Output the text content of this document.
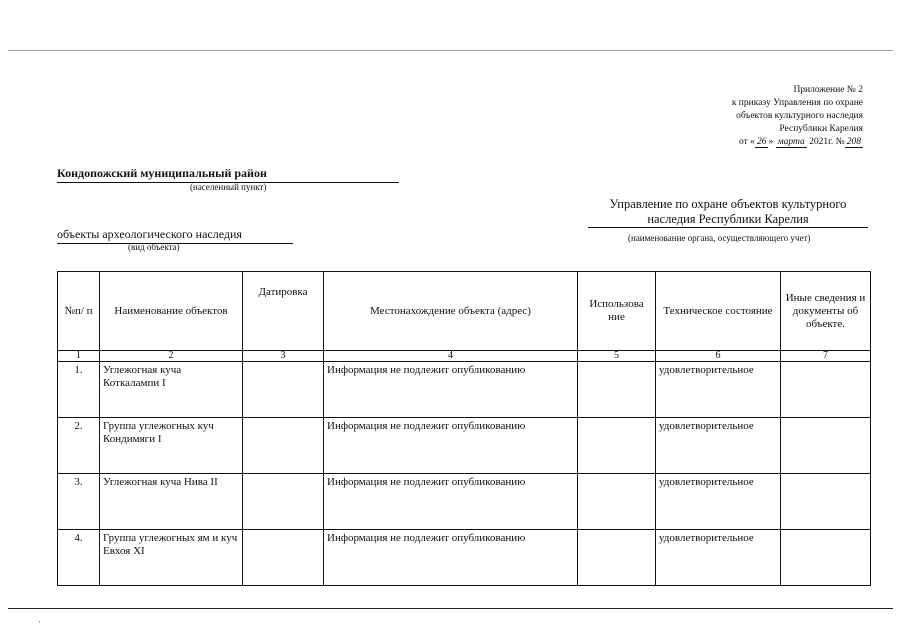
Приложение № 2
к приказу Управления по охране
объектов культурного наследия
Республики Карелия
от « 26 » марта 2021г. № 208
Кондопожский муниципальный район
(населенный пункт)
Управление по охране объектов культурного наследия Республики Карелия
(наименование органа, осуществляющего учет)
объекты археологического наследия
(вид объекта)
№п/ п	Наименование объектов	Датировка	Местонахождение объекта (адрес)	Использова ние	Техническое состояние	Иные сведения и документы об объекте.
1	2	3	4	5	6	7
1.	Углежогная куча Коткалампи I		Информация не подлежит опубликованию		удовлетворительное	
2.	Группа углежогных куч Кондимяги I		Информация не подлежит опубликованию		удовлетворительное	
3.	Углежогная куча Нива II		Информация не подлежит опубликованию		удовлетворительное	
4.	Группа углежогных ям и куч Евхоя XI		Информация не подлежит опубликованию		удовлетворительное	
·
